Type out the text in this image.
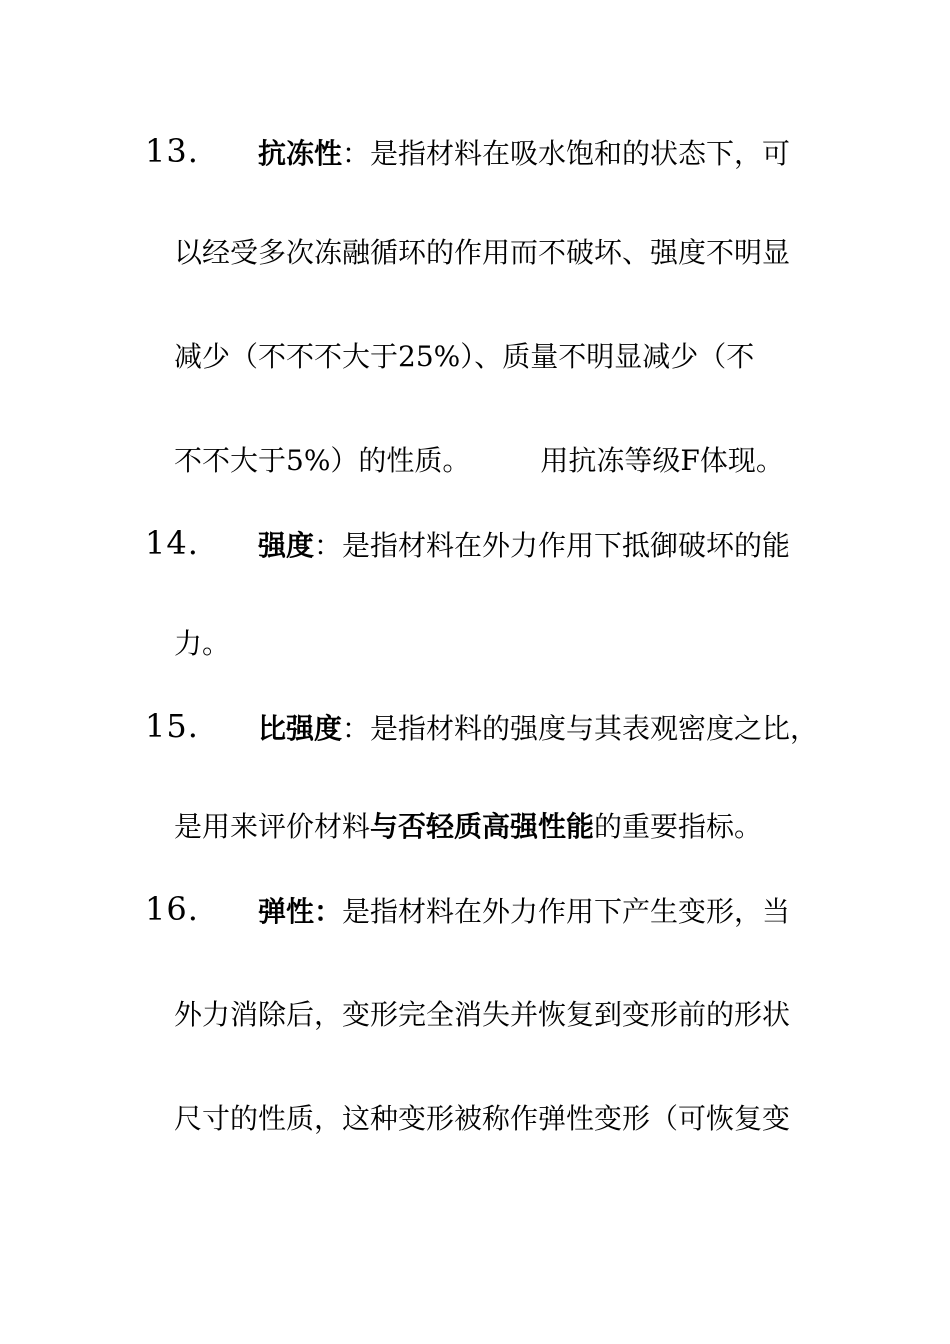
13. 抗冻性：是指材料在吸水饱和的状态下，可
以经受多次冻融循环的作用而不破坏、强度不明显
减少（不不不大于25%）、质量不明显减少（不
不不大于5%）的性质。	用抗冻等级F体现。
14. 强度：是指材料在外力作用下抵御破坏的能
力。
15. 比强度：是指材料的强度与其表观密度之比，
是用来评价材料与否轻质高强性能的重要指标。
16. 弹性：是指材料在外力作用下产生变形，当
外力消除后，变形完全消失并恢复到变形前的形状
尺寸的性质，这种变形被称作弹性变形（可恢复变
